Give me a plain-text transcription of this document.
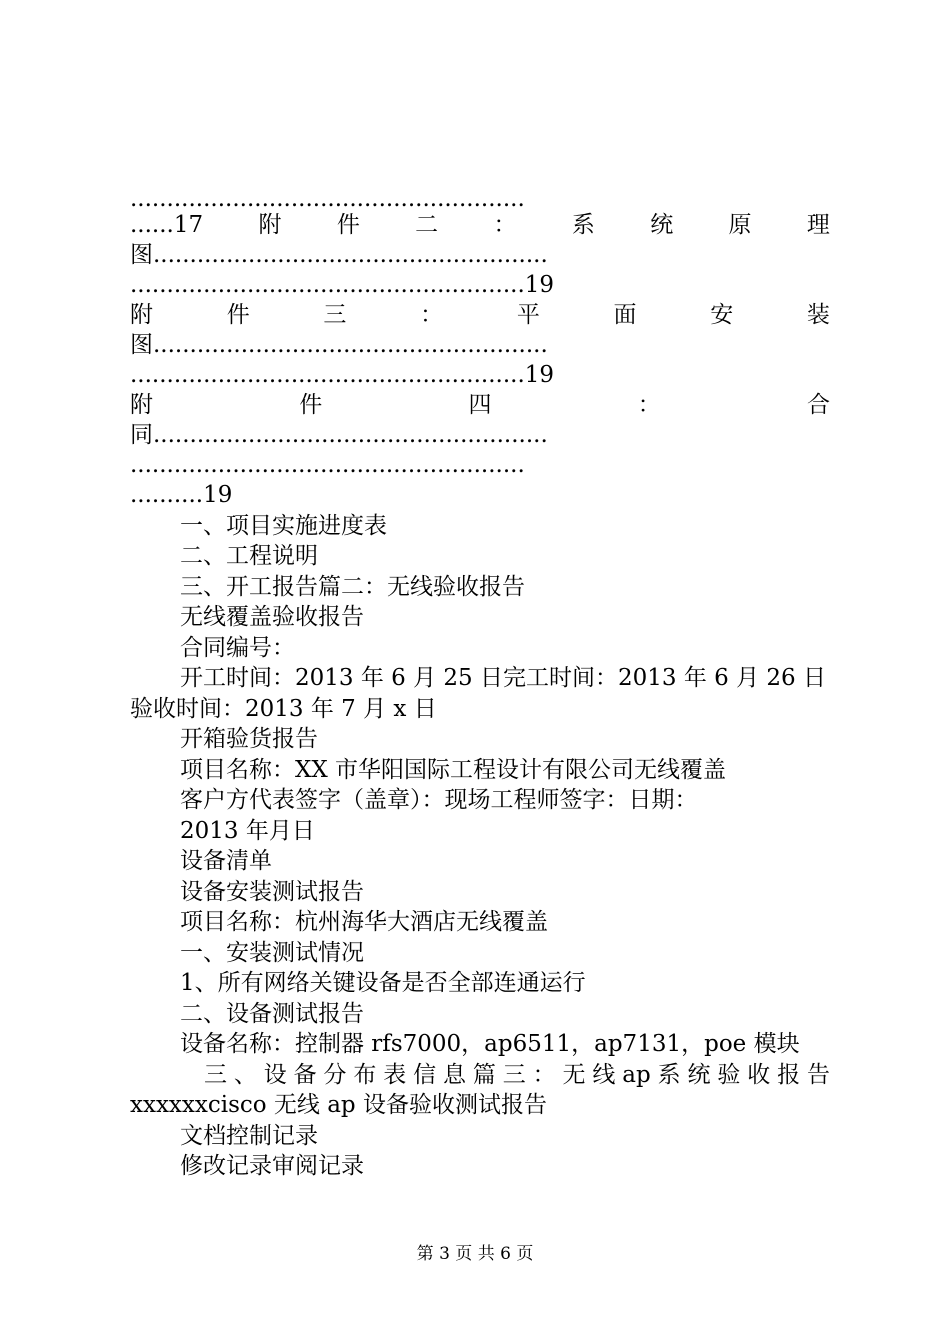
......................................................
......17 附 件 二 ： 系 统 原 理
图......................................................
......................................................19
附	件	三	：	平	面	安	装
图......................................................
......................................................19
附	件	四	：	合
同......................................................
......................................................
..........19
一、项目实施进度表
二、工程说明
三、开工报告篇二：无线验收报告
无线覆盖验收报告
合同编号：
开工时间：2013 年 6 月 25 日完工时间：2013 年 6 月 26 日
验收时间：2013 年 7 月 x 日
开箱验货报告
项目名称：XX 市华阳国际工程设计有限公司无线覆盖
客户方代表签字（盖章）：现场工程师签字：日期：
2013 年月日
设备清单
设备安装测试报告
项目名称：杭州海华大酒店无线覆盖
一、安装测试情况
1、所有网络关键设备是否全部连通运行
二、设备测试报告
设备名称：控制器 rfs7000，ap6511，ap7131，poe 模块
三 、 设 备 分 布 表 信 息 篇 三 ： 无 线 ap 系 统 验 收 报 告
xxxxxxcisco 无线 ap 设备验收测试报告
文档控制记录
修改记录审阅记录
第 3 页 共 6 页
